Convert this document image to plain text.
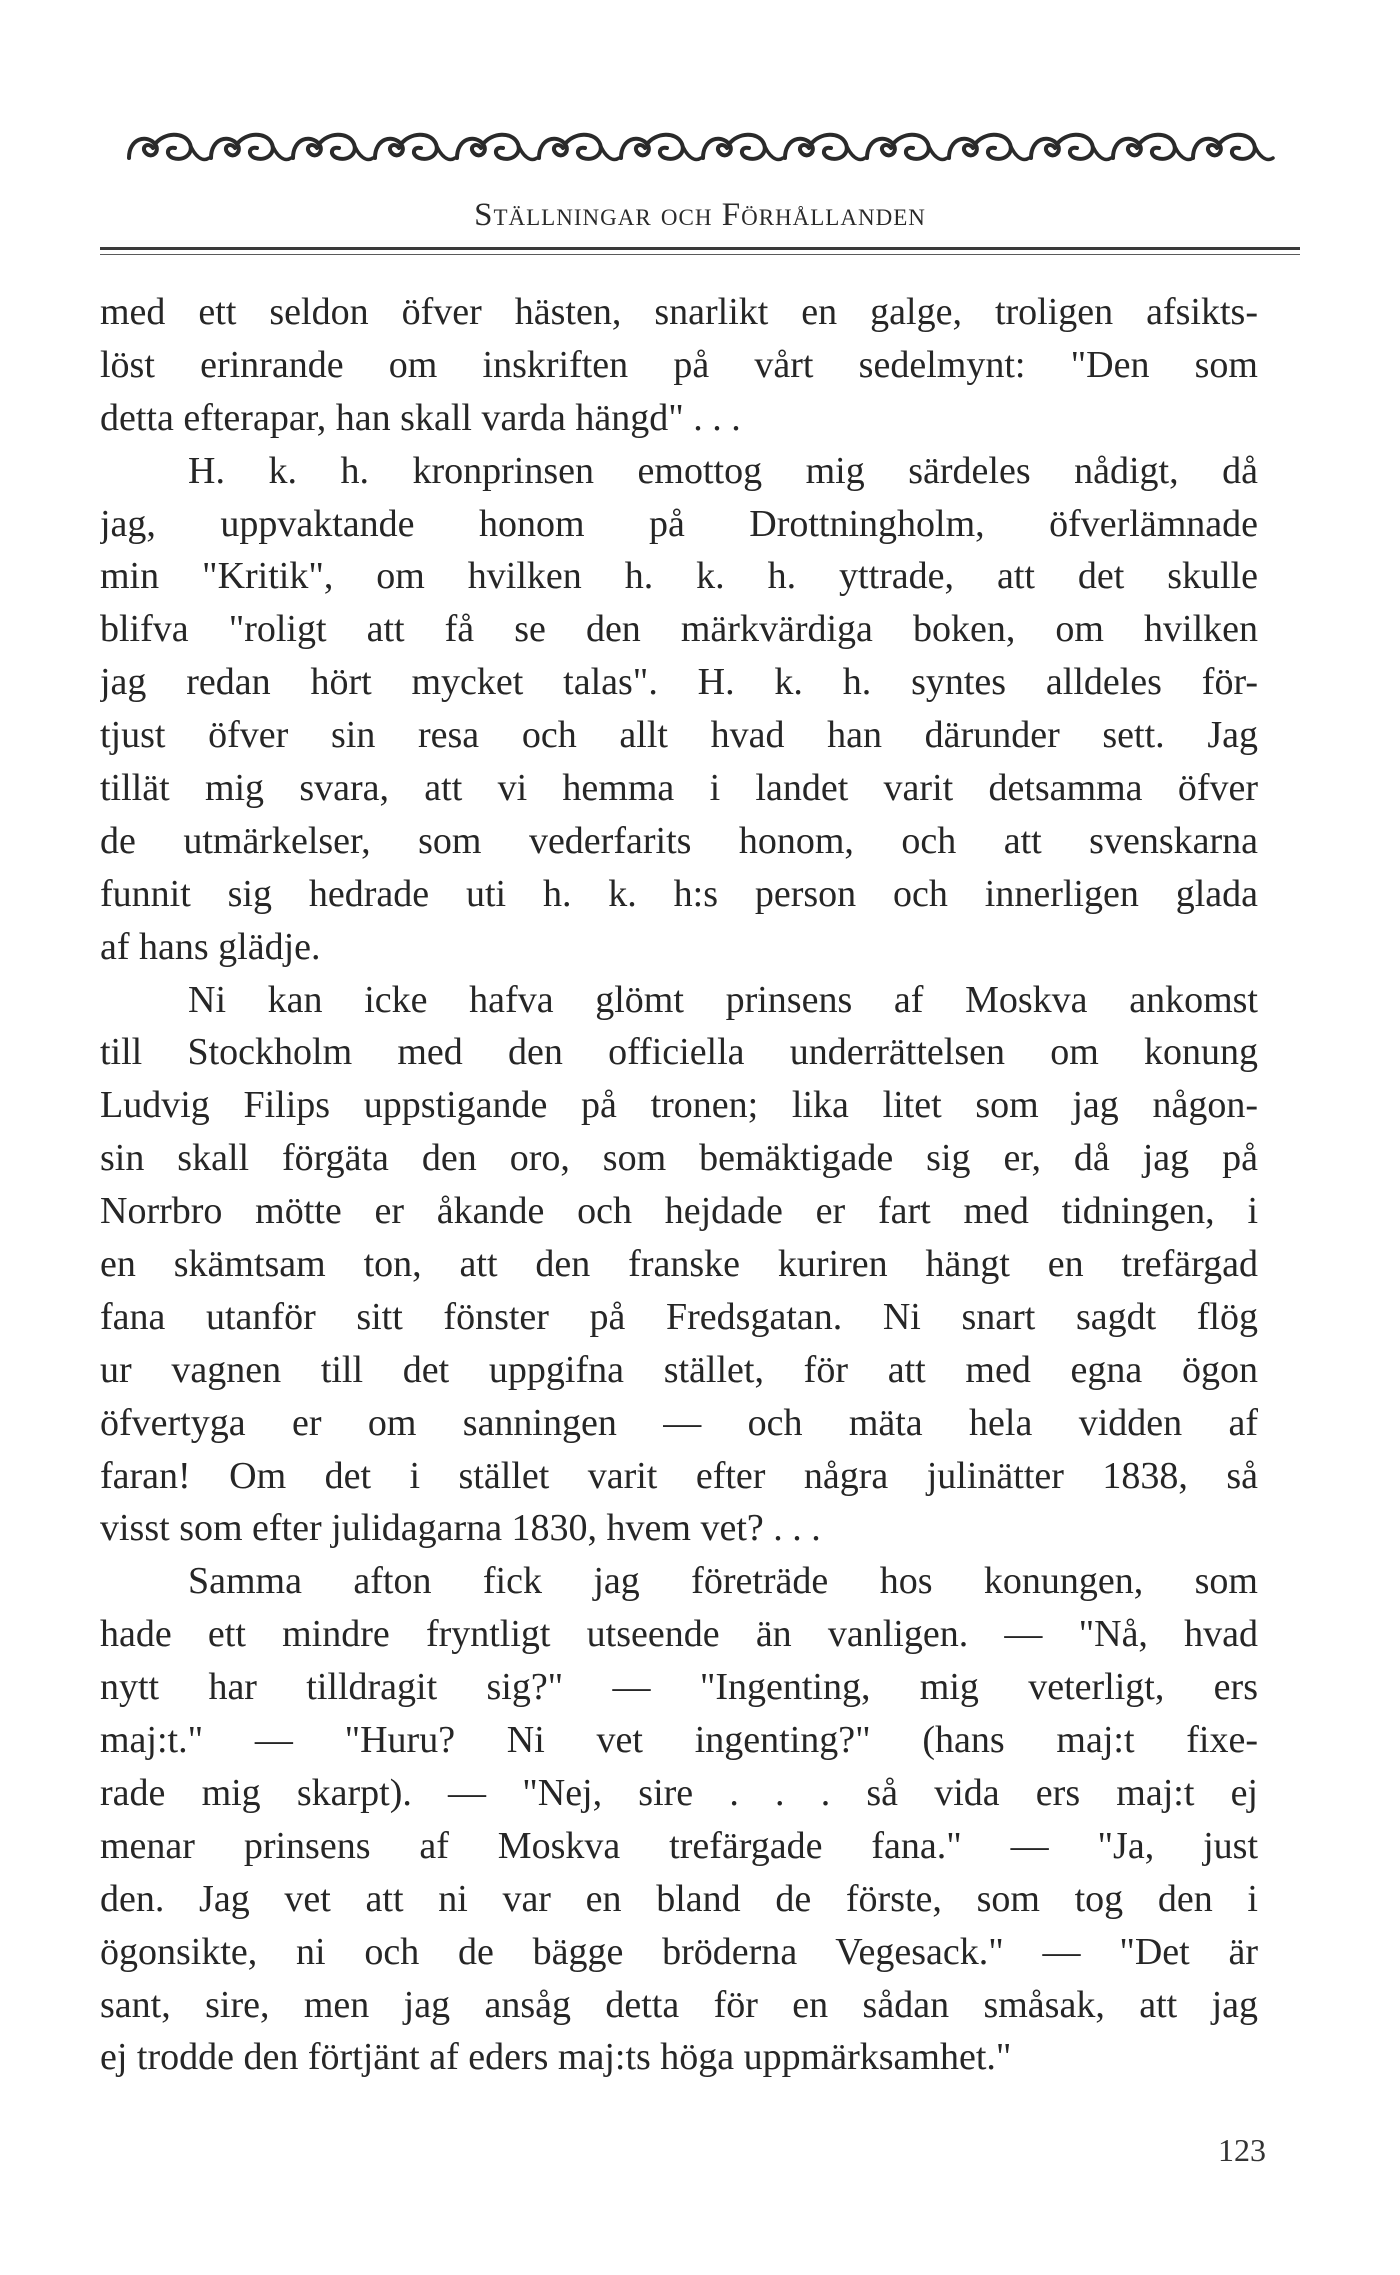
Ställningar och Förhållanden
med ett seldon öfver hästen, snarlikt en galge, troligen afsikts-
löst erinrande om inskriften på vårt sedelmynt: "Den som
detta efterapar, han skall varda hängd" . . .
H. k. h. kronprinsen emottog mig särdeles nådigt, då
jag, uppvaktande honom på Drottningholm, öfverlämnade
min "Kritik", om hvilken h. k. h. yttrade, att det skulle
blifva "roligt att få se den märkvärdiga boken, om hvilken
jag redan hört mycket talas". H. k. h. syntes alldeles för-
tjust öfver sin resa och allt hvad han därunder sett. Jag
tillät mig svara, att vi hemma i landet varit detsamma öfver
de utmärkelser, som vederfarits honom, och att svenskarna
funnit sig hedrade uti h. k. h:s person och innerligen glada
af hans glädje.
Ni kan icke hafva glömt prinsens af Moskva ankomst
till Stockholm med den officiella underrättelsen om konung
Ludvig Filips uppstigande på tronen; lika litet som jag någon-
sin skall förgäta den oro, som bemäktigade sig er, då jag på
Norrbro mötte er åkande och hejdade er fart med tidningen, i
en skämtsam ton, att den franske kuriren hängt en trefärgad
fana utanför sitt fönster på Fredsgatan. Ni snart sagdt flög
ur vagnen till det uppgifna stället, för att med egna ögon
öfvertyga er om sanningen — och mäta hela vidden af
faran! Om det i stället varit efter några julinätter 1838, så
visst som efter julidagarna 1830, hvem vet? . . .
Samma afton fick jag företräde hos konungen, som
hade ett mindre fryntligt utseende än vanligen. — "Nå, hvad
nytt har tilldragit sig?" — "Ingenting, mig veterligt, ers
maj:t." — "Huru? Ni vet ingenting?" (hans maj:t fixe-
rade mig skarpt). — "Nej, sire . . . så vida ers maj:t ej
menar prinsens af Moskva trefärgade fana." — "Ja, just
den. Jag vet att ni var en bland de förste, som tog den i
ögonsikte, ni och de bägge bröderna Vegesack." — "Det är
sant, sire, men jag ansåg detta för en sådan småsak, att jag
ej trodde den förtjänt af eders maj:ts höga uppmärksamhet."
123
